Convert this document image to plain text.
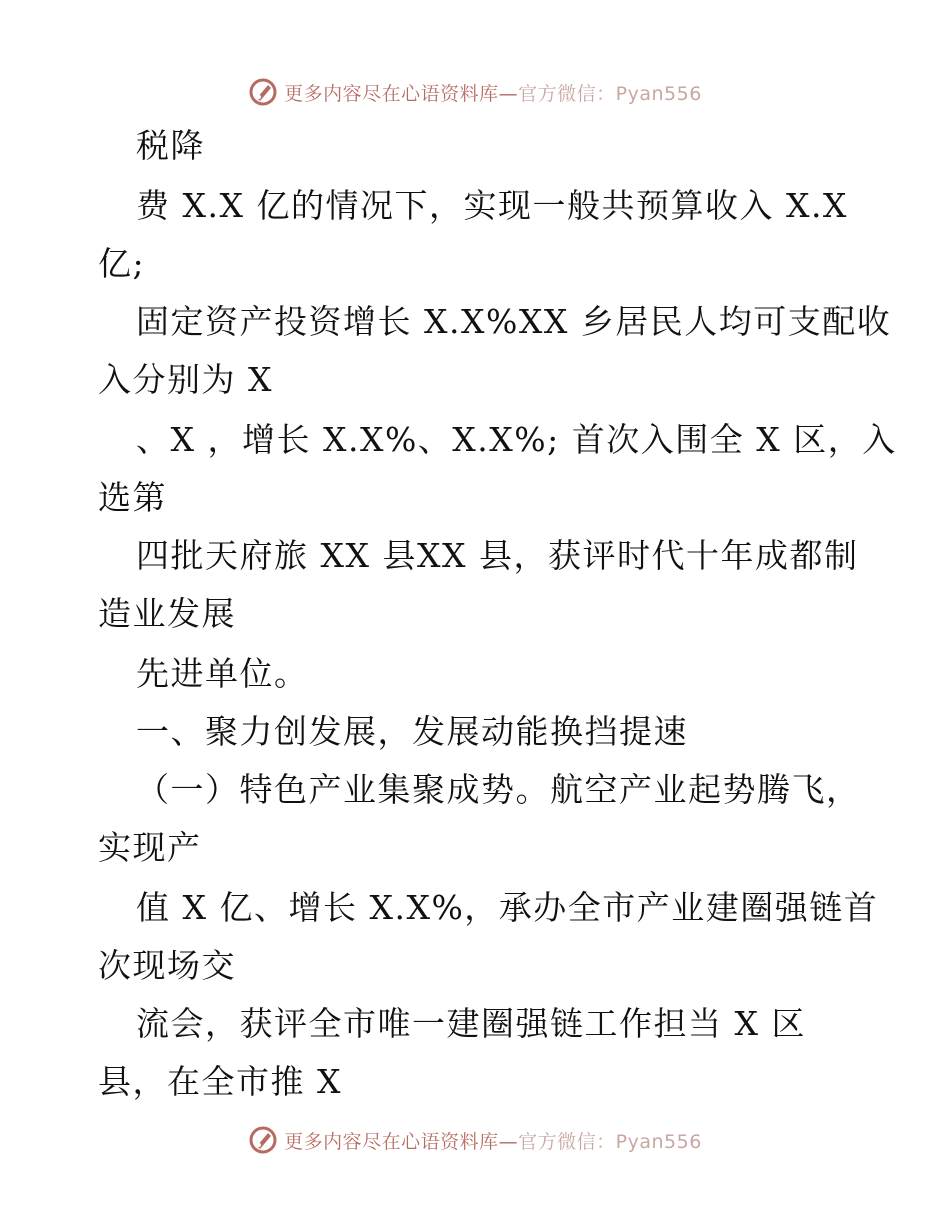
更多内容尽在心语资料库—官方微信：Pyan556

税降

费 X.X 亿的情况下，实现一般共预算收入 X.X

亿;

固定资产投资增长 X.X%XX 乡居民人均可支配收

入分别为 X

、X ，增长 X.X%、X.X%; 首次入围全 X 区，入

选第

四批天府旅 XX 县XX 县，获评时代十年成都制

造业发展

先进单位。

一、聚力创发展，发展动能换挡提速

（一）特色产业集聚成势。航空产业起势腾飞，

实现产

值 X 亿、增长 X.X%，承办全市产业建圈强链首

次现场交

流会，获评全市唯一建圈强链工作担当 X 区

县，在全市推 X

更多内容尽在心语资料库—官方微信：Pyan556
